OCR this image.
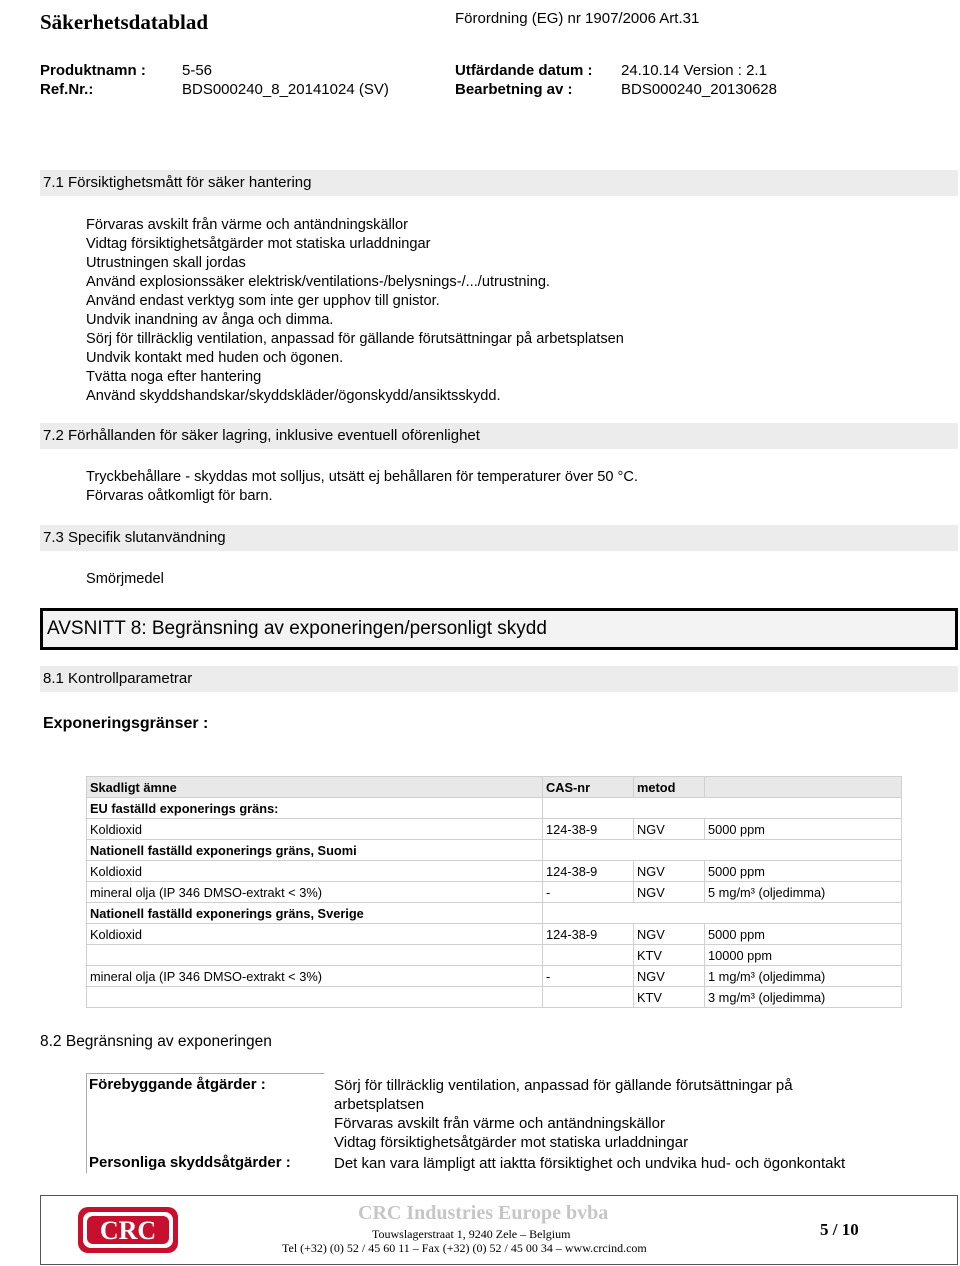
Säkerhetsdatablad	Förordning (EG) nr 1907/2006 Art.31
Produktnamn : 5-56	Utfärdande datum : 24.10.14 Version : 2.1
Ref.Nr.:	BDS000240_8_20141024 (SV)	Bearbetning av :	BDS000240_20130628
7.1 Försiktighetsmått för säker hantering
Förvaras avskilt från värme och antändningskällor
Vidtag försiktighetsåtgärder mot statiska urladdningar
Utrustningen skall jordas
Använd explosionssäker elektrisk/ventilations-/belysnings-/.../utrustning.
Använd endast verktyg som inte ger upphov till gnistor.
Undvik inandning av ånga och dimma.
Sörj för tillräcklig ventilation, anpassad för gällande förutsättningar på arbetsplatsen
Undvik kontakt med huden och ögonen.
Tvätta noga efter hantering
Använd skyddshandskar/skyddskläder/ögonskydd/ansiktsskydd.
7.2 Förhållanden för säker lagring, inklusive eventuell oförenlighet
Tryckbehållare - skyddas mot solljus, utsätt ej behållaren för temperaturer över 50 °C.
Förvaras oåtkomligt för barn.
7.3 Specifik slutanvändning
Smörjmedel
AVSNITT 8: Begränsning av exponeringen/personligt skydd
8.1 Kontrollparametrar
Exponeringsgränser :
Skadligt ämne	CAS-nr	metod	
EU faställd exponerings gräns:			
Koldioxid	124-38-9	NGV	5000 ppm
Nationell faställd exponerings gräns, Suomi			
Koldioxid	124-38-9	NGV	5000 ppm
mineral olja (IP 346 DMSO-extrakt < 3%)	-	NGV	5 mg/m³ (oljedimma)
Nationell faställd exponerings gräns, Sverige			
Koldioxid	124-38-9	NGV	5000 ppm
		KTV	10000 ppm
mineral olja (IP 346 DMSO-extrakt < 3%)	-	NGV	1 mg/m³ (oljedimma)
		KTV	3 mg/m³ (oljedimma)
8.2 Begränsning av exponeringen
Förebyggande åtgärder :	Sörj för tillräcklig ventilation, anpassad för gällande förutsättningar på
arbetsplatsen
Förvaras avskilt från värme och antändningskällor
Vidtag försiktighetsåtgärder mot statiska urladdningar
Personliga skyddsåtgärder :	Det kan vara lämpligt att iaktta försiktighet och undvika hud- och ögonkontakt
CRC
CRC Industries Europe bvba
Touwslagerstraat 1, 9240 Zele – Belgium
Tel (+32) (0) 52 / 45 60 11 – Fax (+32) (0) 52 / 45 00 34 – www.crcind.com
5 / 10
